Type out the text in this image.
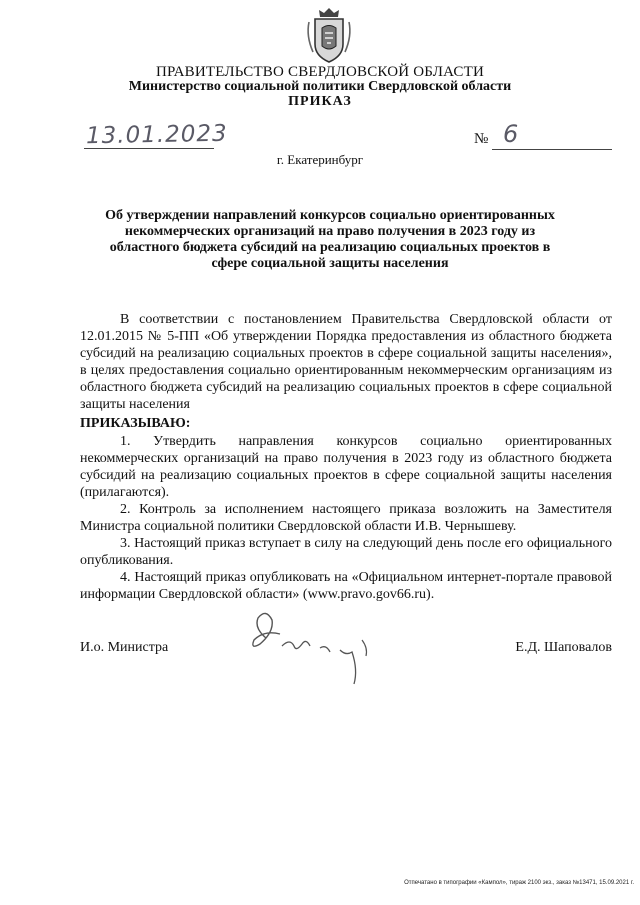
ПРАВИТЕЛЬСТВО СВЕРДЛОВСКОЙ ОБЛАСТИ
Министерство социальной политики Свердловской области
ПРИКАЗ
13.01.2023	№ 6
г. Екатеринбург
Об утверждении направлений конкурсов социально ориентированных некоммерческих организаций на право получения в 2023 году из областного бюджета субсидий на реализацию социальных проектов в сфере социальной защиты населения
В соответствии с постановлением Правительства Свердловской области от 12.01.2015 № 5-ПП «Об утверждении Порядка предоставления из областного бюджета субсидий на реализацию социальных проектов в сфере социальной защиты населения», в целях предоставления социально ориентированным некоммерческим организациям из областного бюджета субсидий на реализацию социальных проектов в сфере социальной защиты населения
ПРИКАЗЫВАЮ:
1. Утвердить направления конкурсов социально ориентированных некоммерческих организаций на право получения в 2023 году из областного бюджета субсидий на реализацию социальных проектов в сфере социальной защиты населения (прилагаются).
2. Контроль за исполнением настоящего приказа возложить на Заместителя Министра социальной политики Свердловской области И.В. Чернышеву.
3. Настоящий приказ вступает в силу на следующий день после его официального опубликования.
4. Настоящий приказ опубликовать на «Официальном интернет-портале правовой информации Свердловской области» (www.pravo.gov66.ru).
И.о. Министра	Е.Д. Шаповалов
Отпечатано в типографии «Кампол», тираж 2100 экз., заказ №13471, 15.09.2021 г.
